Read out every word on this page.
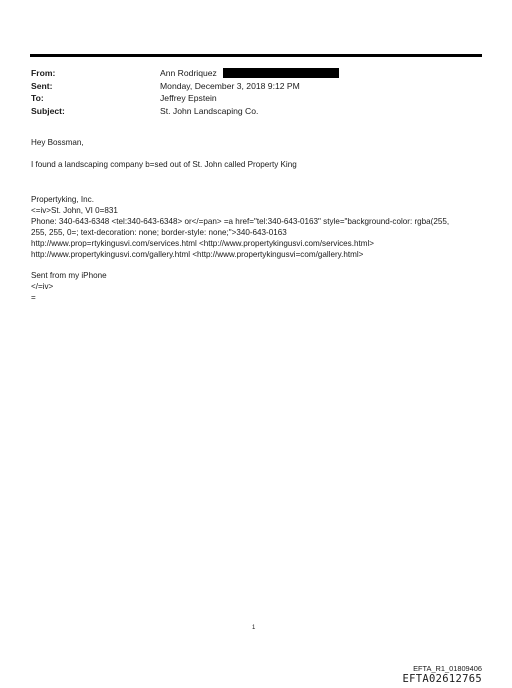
From:	Ann Rodriquez
Sent:	Monday, December 3, 2018 9:12 PM
To:	Jeffrey Epstein
Subject:	St. John Landscaping Co.
Hey Bossman,
I found a landscaping company b=sed out of St. John called Property King
Propertyking, Inc.
<=iv>St. John, VI 0=831
Phone: 340-643-6348 <tel:340-643-6348> or</=pan> =a href="tel:340-643-0163" style="background-color: rgba(255,
255, 255, 0=; text-decoration: none; border-style: none;">340-643-0163
http://www.prop=rtykingusvi.com/services.html <http://www.propertykingusvi.com/services.html>
http://www.propertykingusvi.com/gallery.html <http://www.propertykingusvi=com/gallery.html>
Sent from my iPhone
</=iv>
=
1
EFTA_R1_01809406
EFTA02612765
